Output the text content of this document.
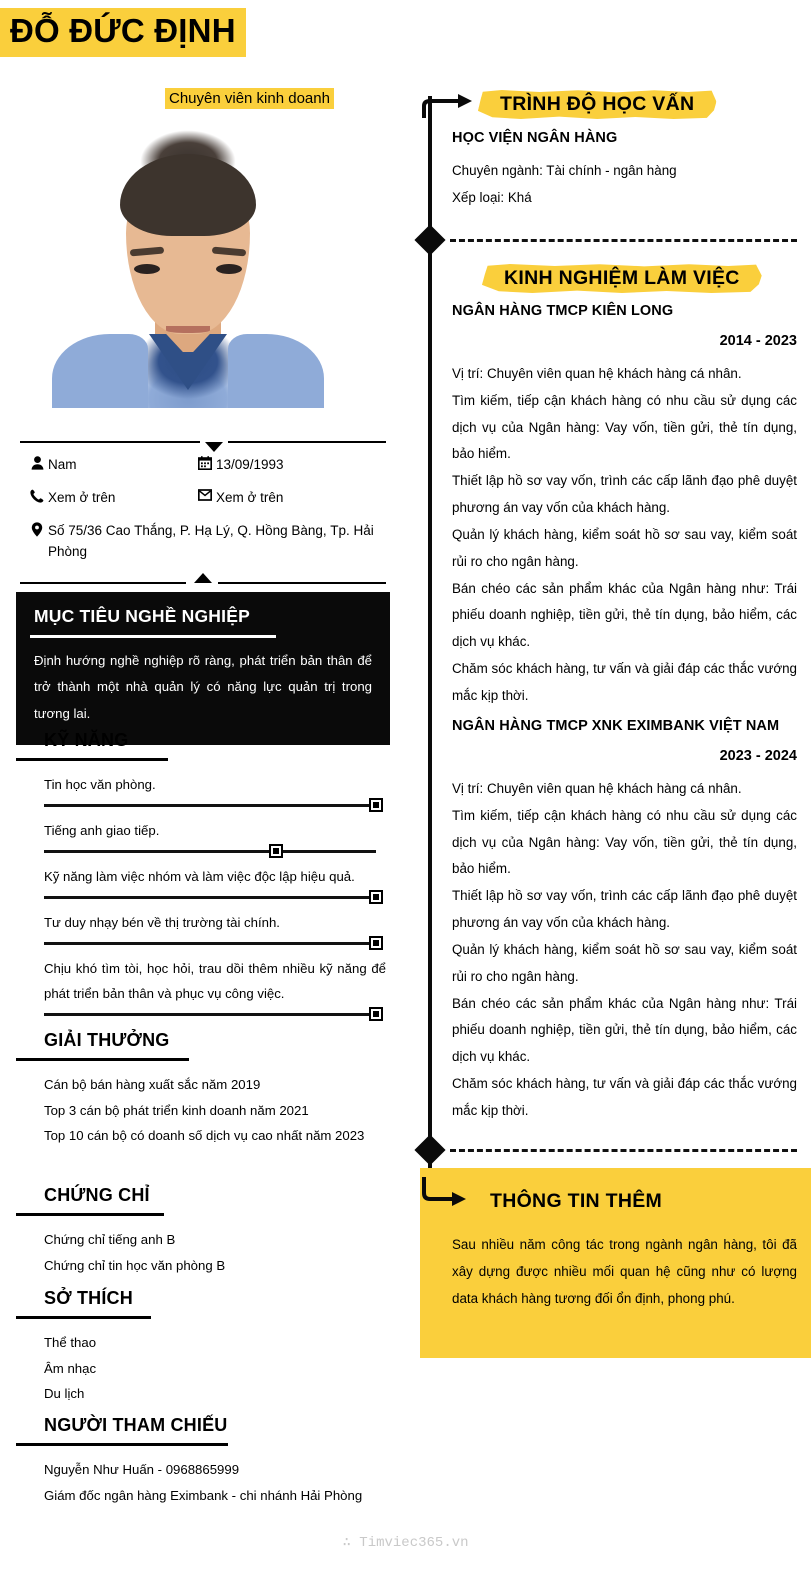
ĐỖ ĐỨC ĐỊNH
Chuyên viên kinh doanh
Nam	13/09/1993
Xem ở trên	Xem ở trên
Số 75/36 Cao Thắng, P. Hạ Lý, Q. Hồng Bàng, Tp. Hải Phòng
MỤC TIÊU NGHỀ NGHIỆP
Định hướng nghề nghiệp rõ ràng, phát triển bản thân để trở thành một nhà quản lý có năng lực quản trị trong tương lai.
KỸ NĂNG
Tin học văn phòng.
Tiếng anh giao tiếp.
Kỹ năng làm việc nhóm và làm việc độc lập hiệu quả.
Tư duy nhạy bén về thị trường tài chính.
Chịu khó tìm tòi, học hỏi, trau dồi thêm nhiều kỹ năng để phát triển bản thân và phục vụ công việc.
GIẢI THƯỞNG
Cán bộ bán hàng xuất sắc năm 2019
Top 3 cán bộ phát triển kinh doanh năm 2021
Top 10 cán bộ có doanh số dịch vụ cao nhất năm 2023
CHỨNG CHỈ
Chứng chỉ tiếng anh B
Chứng chỉ tin học văn phòng B
SỞ THÍCH
Thể thao
Âm nhạc
Du lịch
NGƯỜI THAM CHIẾU
Nguyễn Như Huấn - 0968865999
Giám đốc ngân hàng Eximbank - chi nhánh Hải Phòng
TRÌNH ĐỘ HỌC VẤN
HỌC VIỆN NGÂN HÀNG
Chuyên ngành: Tài chính - ngân hàng
Xếp loại: Khá
KINH NGHIỆM LÀM VIỆC
NGÂN HÀNG TMCP KIÊN LONG
2014 - 2023
Vị trí: Chuyên viên quan hệ khách hàng cá nhân.
Tìm kiếm, tiếp cận khách hàng có nhu cầu sử dụng các dịch vụ của Ngân hàng: Vay vốn, tiền gửi, thẻ tín dụng, bảo hiểm.
Thiết lập hồ sơ vay vốn, trình các cấp lãnh đạo phê duyệt phương án vay vốn của khách hàng.
Quản lý khách hàng, kiểm soát hồ sơ sau vay, kiểm soát rủi ro cho ngân hàng.
Bán chéo các sản phẩm khác của Ngân hàng như: Trái phiếu doanh nghiệp, tiền gửi, thẻ tín dụng, bảo hiểm, các dịch vụ khác.
Chăm sóc khách hàng, tư vấn và giải đáp các thắc vướng mắc kịp thời.
NGÂN HÀNG TMCP XNK EXIMBANK VIỆT NAM
2023 - 2024
Vị trí: Chuyên viên quan hệ khách hàng cá nhân.
Tìm kiếm, tiếp cận khách hàng có nhu cầu sử dụng các dịch vụ của Ngân hàng: Vay vốn, tiền gửi, thẻ tín dụng, bảo hiểm.
Thiết lập hồ sơ vay vốn, trình các cấp lãnh đạo phê duyệt phương án vay vốn của khách hàng.
Quản lý khách hàng, kiểm soát hồ sơ sau vay, kiểm soát rủi ro cho ngân hàng.
Bán chéo các sản phẩm khác của Ngân hàng như: Trái phiếu doanh nghiệp, tiền gửi, thẻ tín dụng, bảo hiểm, các dịch vụ khác.
Chăm sóc khách hàng, tư vấn và giải đáp các thắc vướng mắc kịp thời.
THÔNG TIN THÊM
Sau nhiều năm công tác trong ngành ngân hàng, tôi đã xây dựng được nhiều mối quan hệ cũng như có lượng data khách hàng tương đối ổn định, phong phú.
∴ Timviec365.vn
